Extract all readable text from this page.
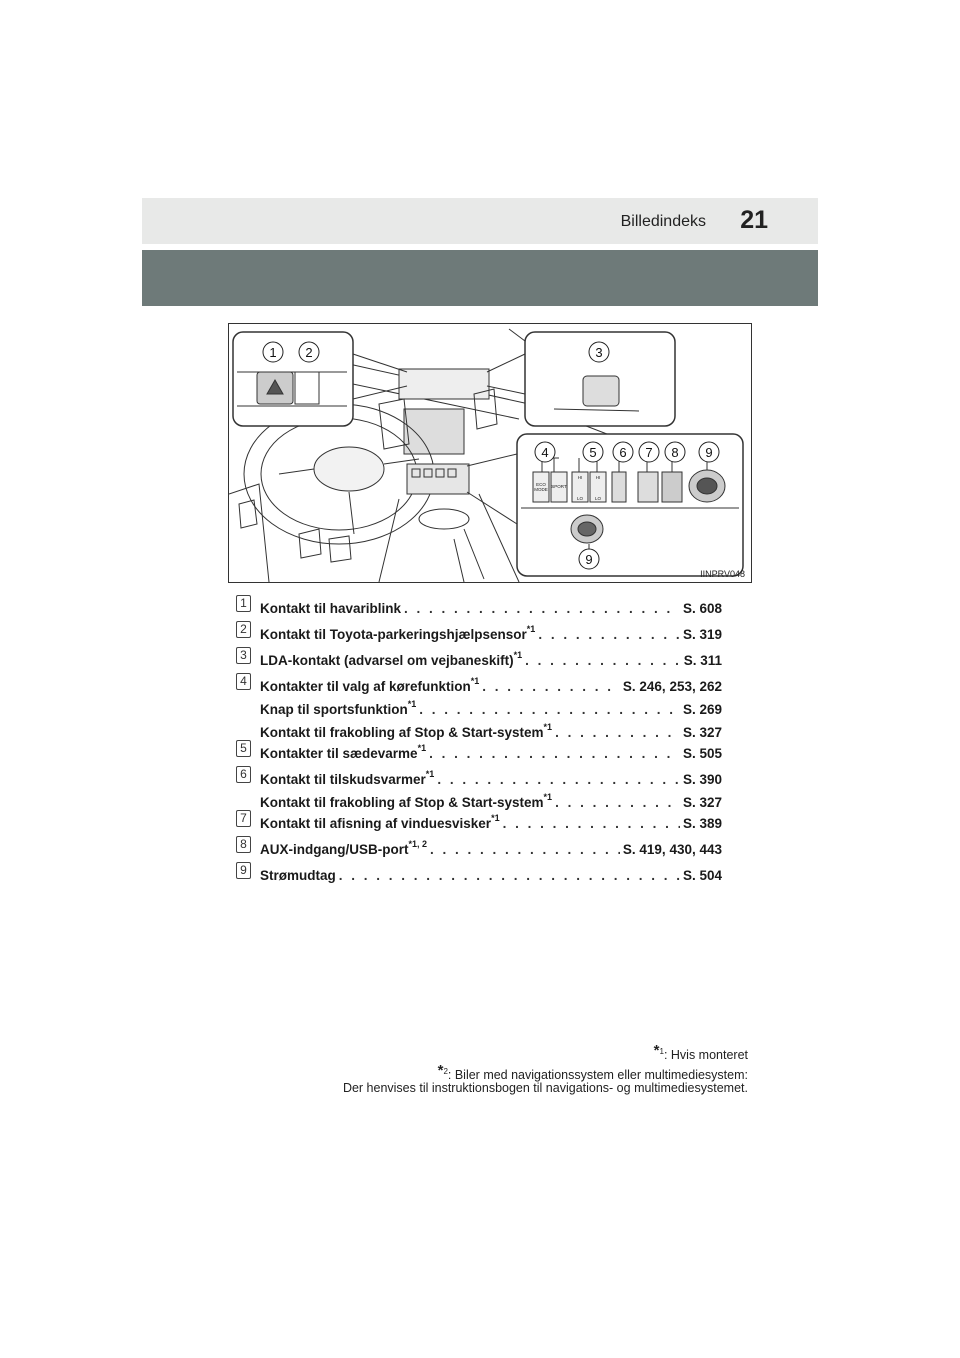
Billedindeks 21
1 2	3
4	5 6 7 8 9
9
ECO
MODE
SPORT
HI
LO
HI
LO
IINPRV048
1 Kontakt til havariblink . . .	S. 608
2 Kontakt til Toyota-parkeringshjælpsensor$^{*1}$ . . .	S. 319
3 LDA-kontakt (advarsel om vejbaneskift)$^{*1}$ . . .	S. 311
4 Kontakter til valg af kørefunktion$^{*1}$ . . .	S. 246, 253, 262
Knap til sportsfunktion$^{*1}$ . . .	S. 269
Kontakt til frakobling af Stop & Start-system$^{*1}$ . . .	S. 327
5 Kontakter til sædevarme$^{*1}$ . . .	S. 505
6 Kontakt til tilskudsvarmer$^{*1}$ . . .	S. 390
Kontakt til frakobling af Stop & Start-system$^{*1}$ . . .	S. 327
7 Kontakt til afisning af vinduesvisker$^{*1}$ . . .	S. 389
8 AUX-indgang/USB-port$^{*1, 2}$ . . .	S. 419, 430, 443
9 Strømudtag . . .	S. 504
*$^1$: Hvis monteret
*$^2$: Biler med navigationssystem eller multimediesystem:
Der henvises til instruktionsbogen til navigations- og multimediesystemet.
